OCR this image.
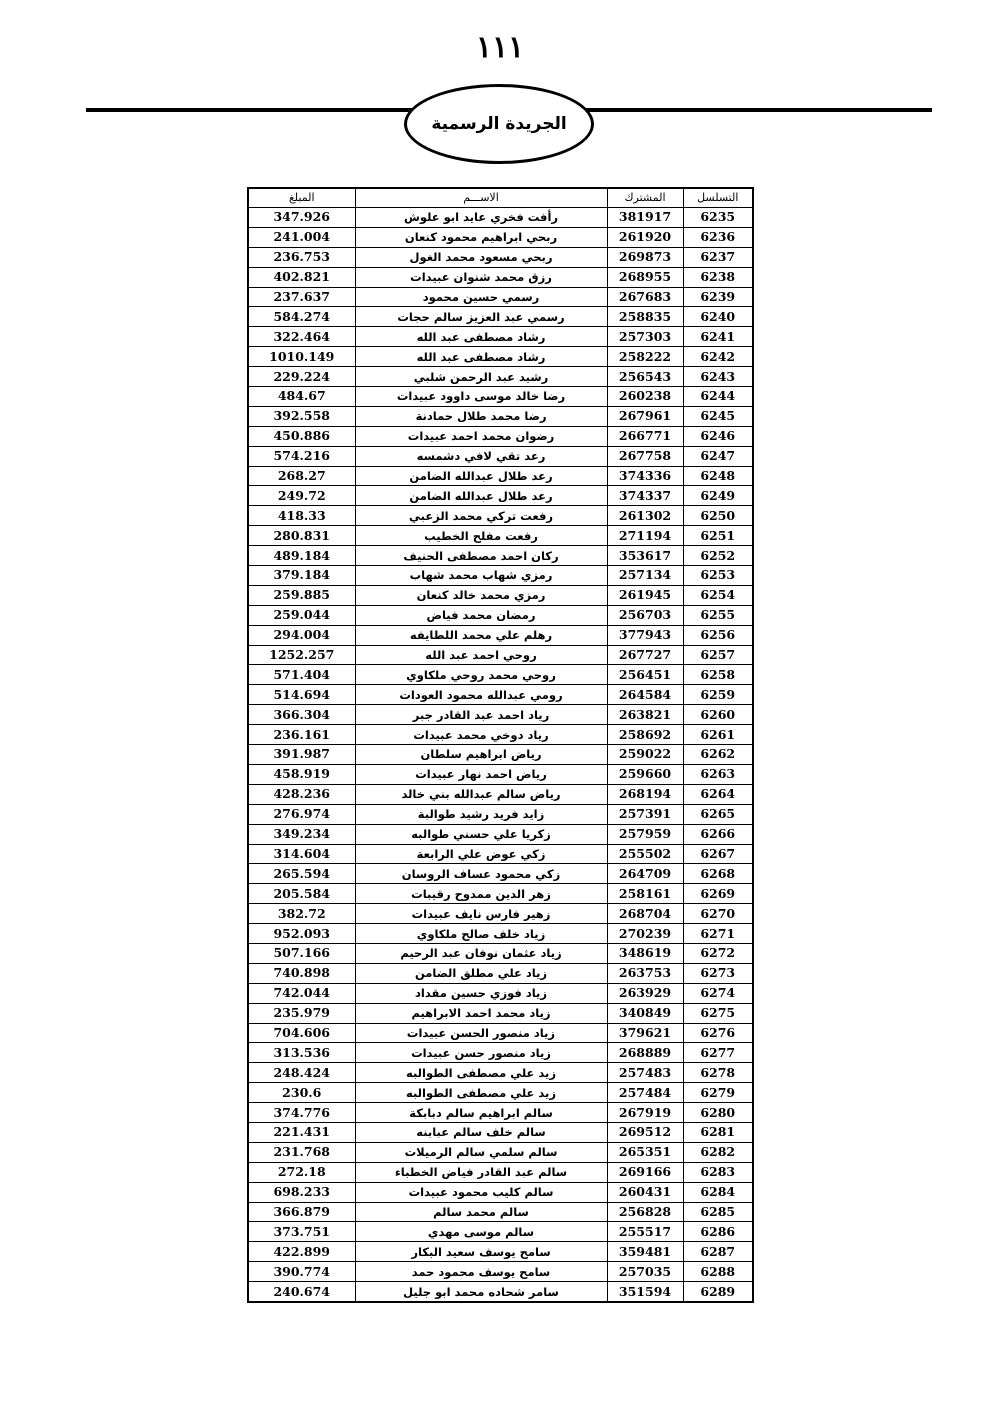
١١١
الجريدة الرسمية
التسلسل	المشترك	الاســـم	المبلغ
6235	381917	رأفت فخري عايد ابو علوش	347.926
6236	261920	ربحي ابراهيم محمود كنعان	241.004
6237	269873	ربحي مسعود محمد الغول	236.753
6238	268955	رزق محمد شنوان عبيدات	402.821
6239	267683	رسمي حسين محمود	237.637
6240	258835	رسمي عبد العزيز سالم حجات	584.274
6241	257303	رشاد مصطفى عبد الله	322.464
6242	258222	رشاد مصطفى عبد الله	1010.149
6243	256543	رشيد عبد الرحمن شلبي	229.224
6244	260238	رضا خالد موسى داوود عبيدات	484.67
6245	267961	رضا محمد طلال حمادنة	392.558
6246	266771	رضوان محمد احمد عبيدات	450.886
6247	267758	رعد تقي لافي دشمسه	574.216
6248	374336	رعد طلال عبدالله الضامن	268.27
6249	374337	رعد طلال عبدالله الضامن	249.72
6250	261302	رفعت تركي محمد الزعبي	418.33
6251	271194	رفعت مفلح الخطيب	280.831
6252	353617	ركان احمد مصطفى الحنيف	489.184
6253	257134	رمزي شهاب محمد شهاب	379.184
6254	261945	رمزي محمد خالد كنعان	259.885
6255	256703	رمضان محمد فياض	259.044
6256	377943	رهلم علي محمد اللطايفه	294.004
6257	267727	روحي احمد عبد الله	1252.257
6258	256451	روحي محمد روحي ملكاوي	571.404
6259	264584	رومي عبدالله محمود العودات	514.694
6260	263821	رياد احمد عبد القادر جبر	366.304
6261	258692	رياد دوخي محمد عبيدات	236.161
6262	259022	رياض ابراهيم سلطان	391.987
6263	259660	رياض احمد نهار عبيدات	458.919
6264	268194	رياض سالم عبدالله بني خالد	428.236
6265	257391	زايد فريد رشيد طوالبة	276.974
6266	257959	زكريا علي حسني طوالبه	349.234
6267	255502	زكي عوض علي الرابعة	314.604
6268	264709	زكي محمود عساف الروسان	265.594
6269	258161	زهر الدين ممدوح رقيبات	205.584
6270	268704	زهير فارس نايف عبيدات	382.72
6271	270239	زياد خلف صالح ملكاوي	952.093
6272	348619	زياد عثمان نوفان عبد الرحيم	507.166
6273	263753	زياد علي مطلق الضامن	740.898
6274	263929	زياد فوزي حسين مقداد	742.044
6275	340849	زياد محمد احمد الابراهيم	235.979
6276	379621	زياد منصور الحسن عبيدات	704.606
6277	268889	زياد منصور حسن عبيدات	313.536
6278	257483	زيد علي مصطفى الطوالبه	248.424
6279	257484	زيد علي مصطفى الطوالبه	230.6
6280	267919	سالم ابراهيم سالم دبابكة	374.776
6281	269512	سالم خلف سالم عبابنه	221.431
6282	265351	سالم سلمي سالم الرميلات	231.768
6283	269166	سالم عبد القادر فياض الخطباء	272.18
6284	260431	سالم كليب محمود عبيدات	698.233
6285	256828	سالم محمد سالم	366.879
6286	255517	سالم موسى مهدي	373.751
6287	359481	سامح يوسف سعيد البكار	422.899
6288	257035	سامح يوسف محمود حمد	390.774
6289	351594	سامر شحاده محمد ابو جليل	240.674
